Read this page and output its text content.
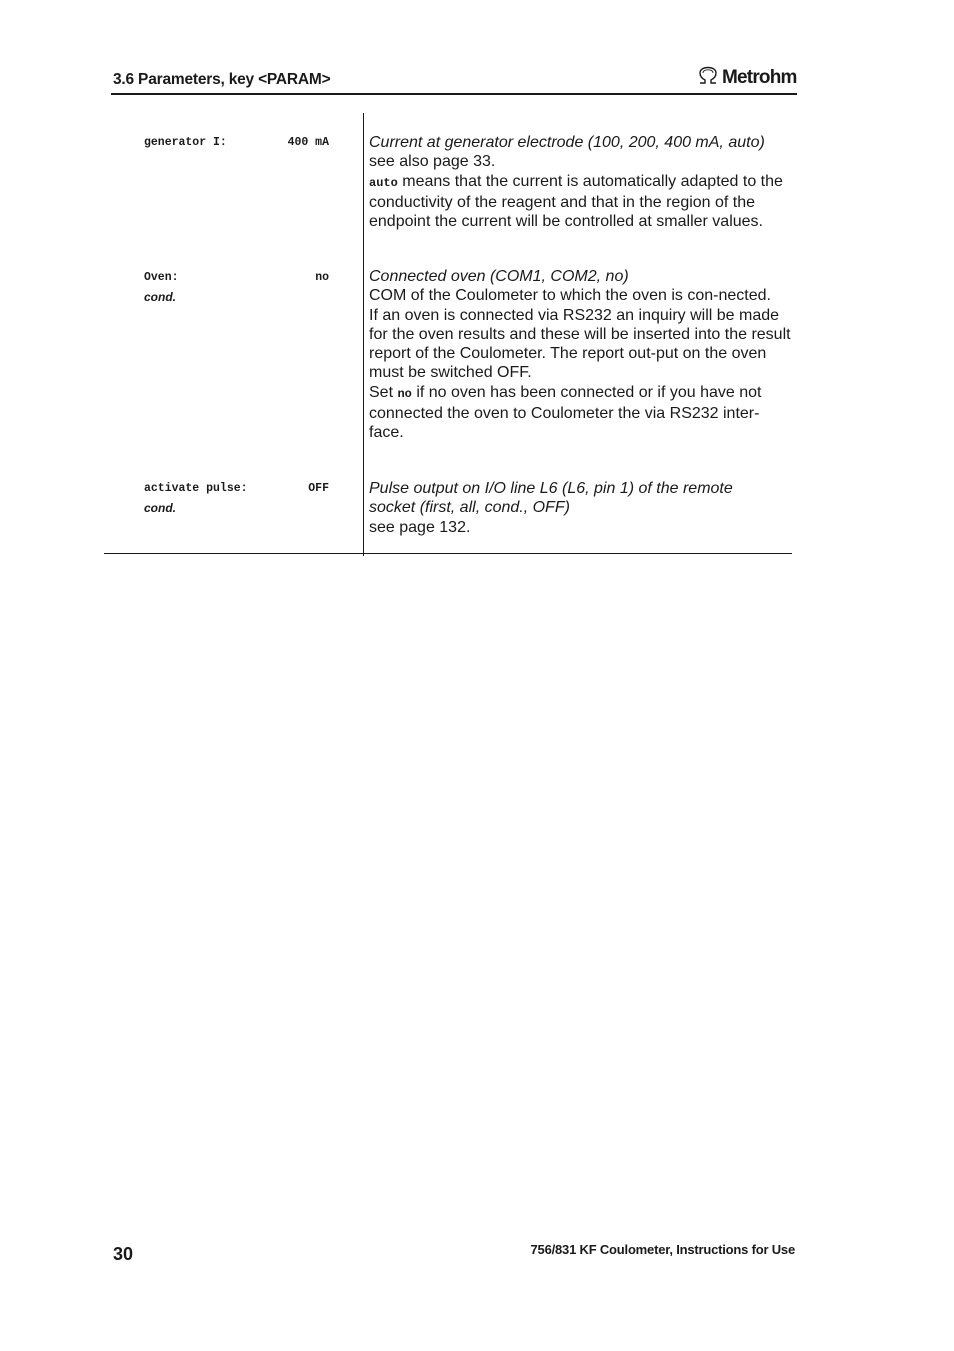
3.6 Parameters, key <PARAM>	Metrohm
generator I:	400 mA	Current at generator electrode (100, 200, 400 mA, auto)

see also page 33.

auto means that the current is automatically adapted to the conductivity of the reagent and that in the region of the endpoint the current will be controlled at smaller values.

Oven:	no
cond.

Connected oven (COM1, COM2, no)

COM of the Coulometer to which the oven is con-nected.

If an oven is connected via RS232 an inquiry will be made for the oven results and these will be inserted into the result report of the Coulometer. The report out-put on the oven must be switched OFF.

Set no if no oven has been connected or if you have not connected the oven to Coulometer the via RS232 inter-face.

activate pulse:	OFF
cond.

Pulse output on I/O line L6 (L6, pin 1) of the remote socket (first, all, cond., OFF)

see page 132.

30	756/831 KF Coulometer, Instructions for Use
